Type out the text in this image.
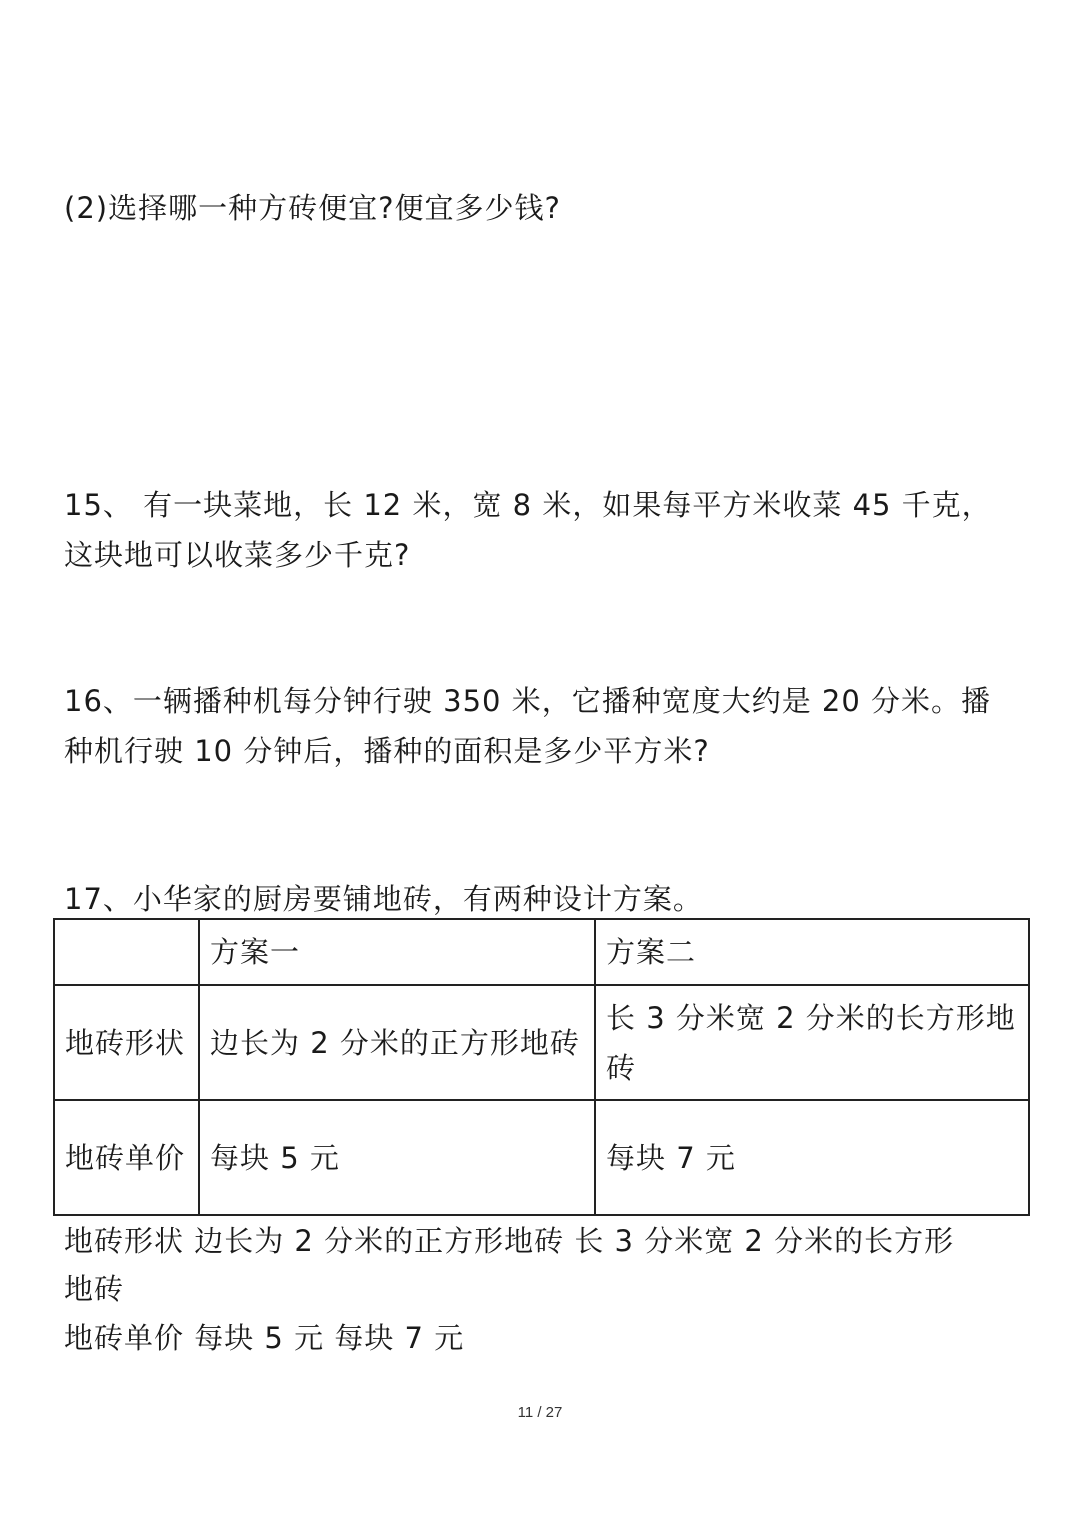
(2)选择哪一种方砖便宜?便宜多少钱?
15、 有一块菜地，长 12 米，宽 8 米，如果每平方米收菜 45 千克，
这块地可以收菜多少千克?
16、一辆播种机每分钟行驶 350 米，它播种宽度大约是 20 分米。播
种机行驶 10 分钟后，播种的面积是多少平方米?
17、小华家的厨房要铺地砖，有两种设计方案。
	方案一	方案二
地砖形状	边长为 2 分米的正方形地砖	长 3 分米宽 2 分米的长方形地砖
地砖单价	每块 5 元	每块 7 元
地砖形状 边长为 2 分米的正方形地砖 长 3 分米宽 2 分米的长方形
地砖
地砖单价 每块 5 元 每块 7 元
11 / 27
